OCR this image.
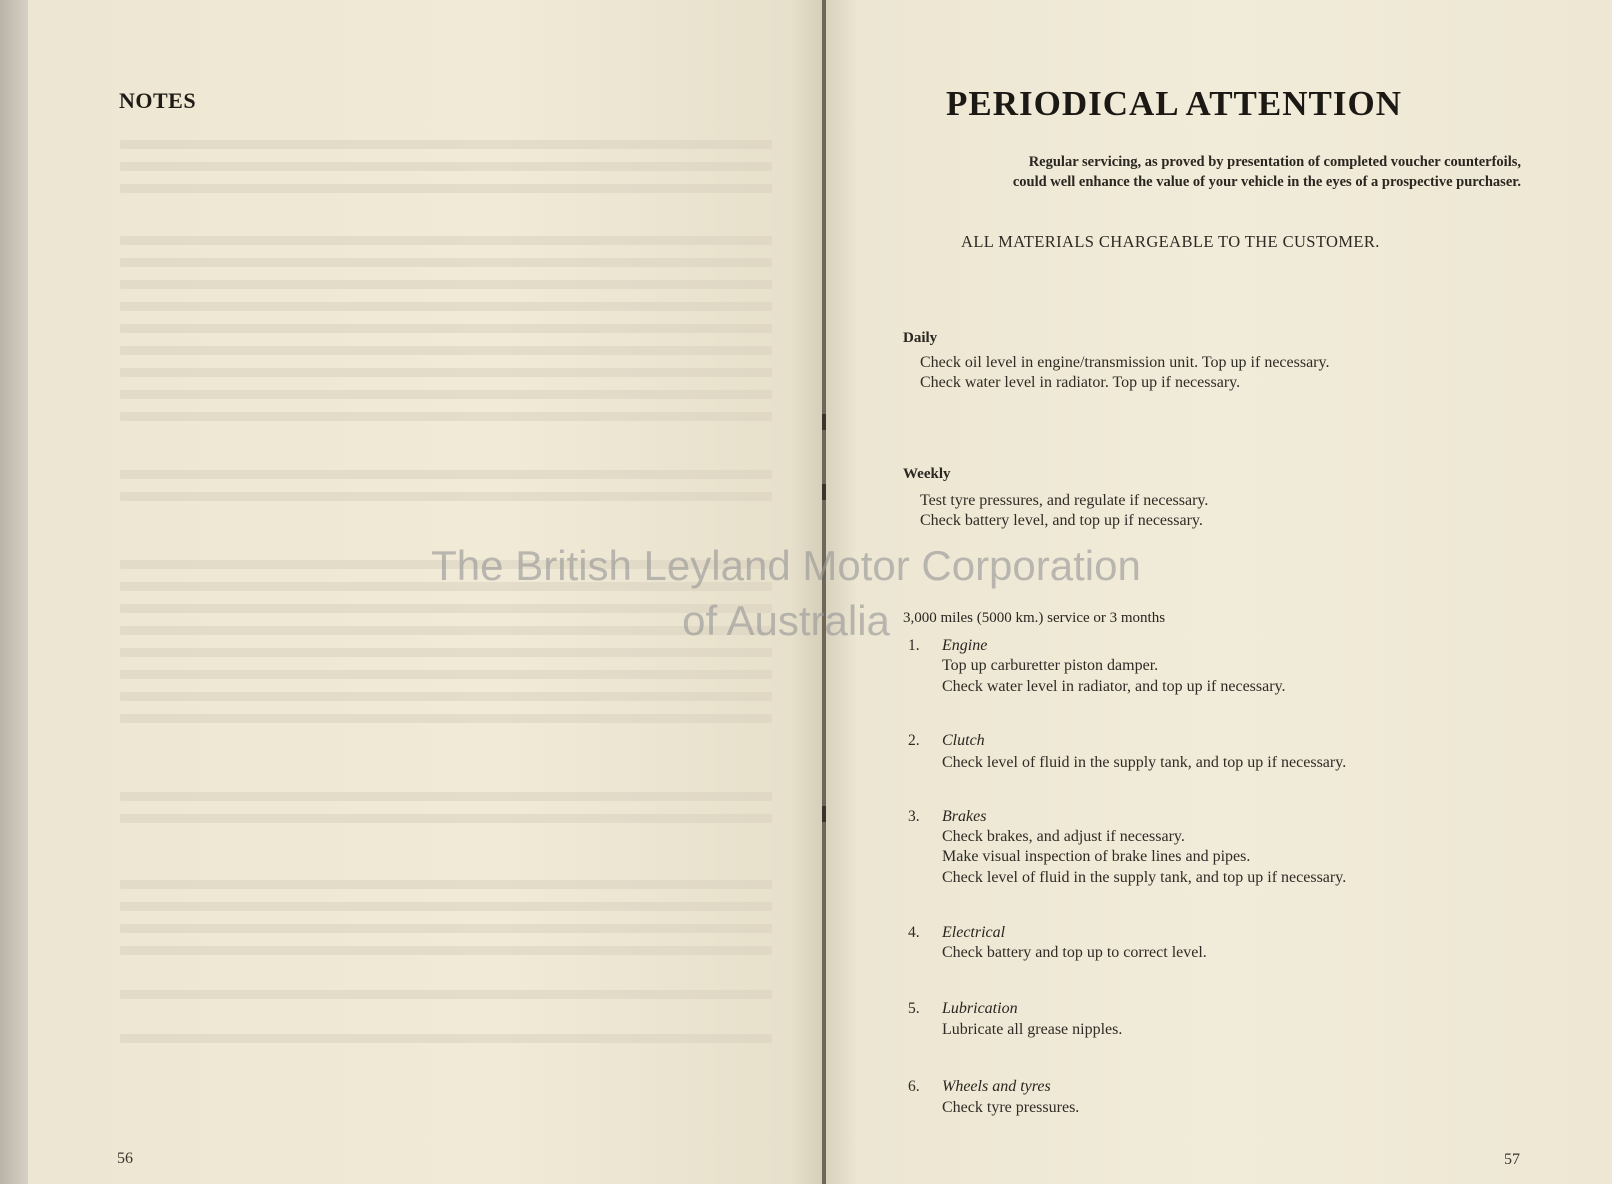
NOTES
56
PERIODICAL ATTENTION
Regular servicing, as proved by presentation of completed voucher counterfoils,
could well enhance the value of your vehicle in the eyes of a prospective purchaser.
ALL MATERIALS CHARGEABLE TO THE CUSTOMER.
Daily
Check oil level in engine/transmission unit. Top up if necessary.
Check water level in radiator. Top up if necessary.
Weekly
Test tyre pressures, and regulate if necessary.
Check battery level, and top up if necessary.
3,000 miles (5000 km.) service or 3 months
1. Engine
Top up carburetter piston damper.
Check water level in radiator, and top up if necessary.
2. Clutch
Check level of fluid in the supply tank, and top up if necessary.
3. Brakes
Check brakes, and adjust if necessary.
Make visual inspection of brake lines and pipes.
Check level of fluid in the supply tank, and top up if necessary.
4. Electrical
Check battery and top up to correct level.
5. Lubrication
Lubricate all grease nipples.
6. Wheels and tyres
Check tyre pressures.
57
The British Leyland Motor Corporation
of Australia
